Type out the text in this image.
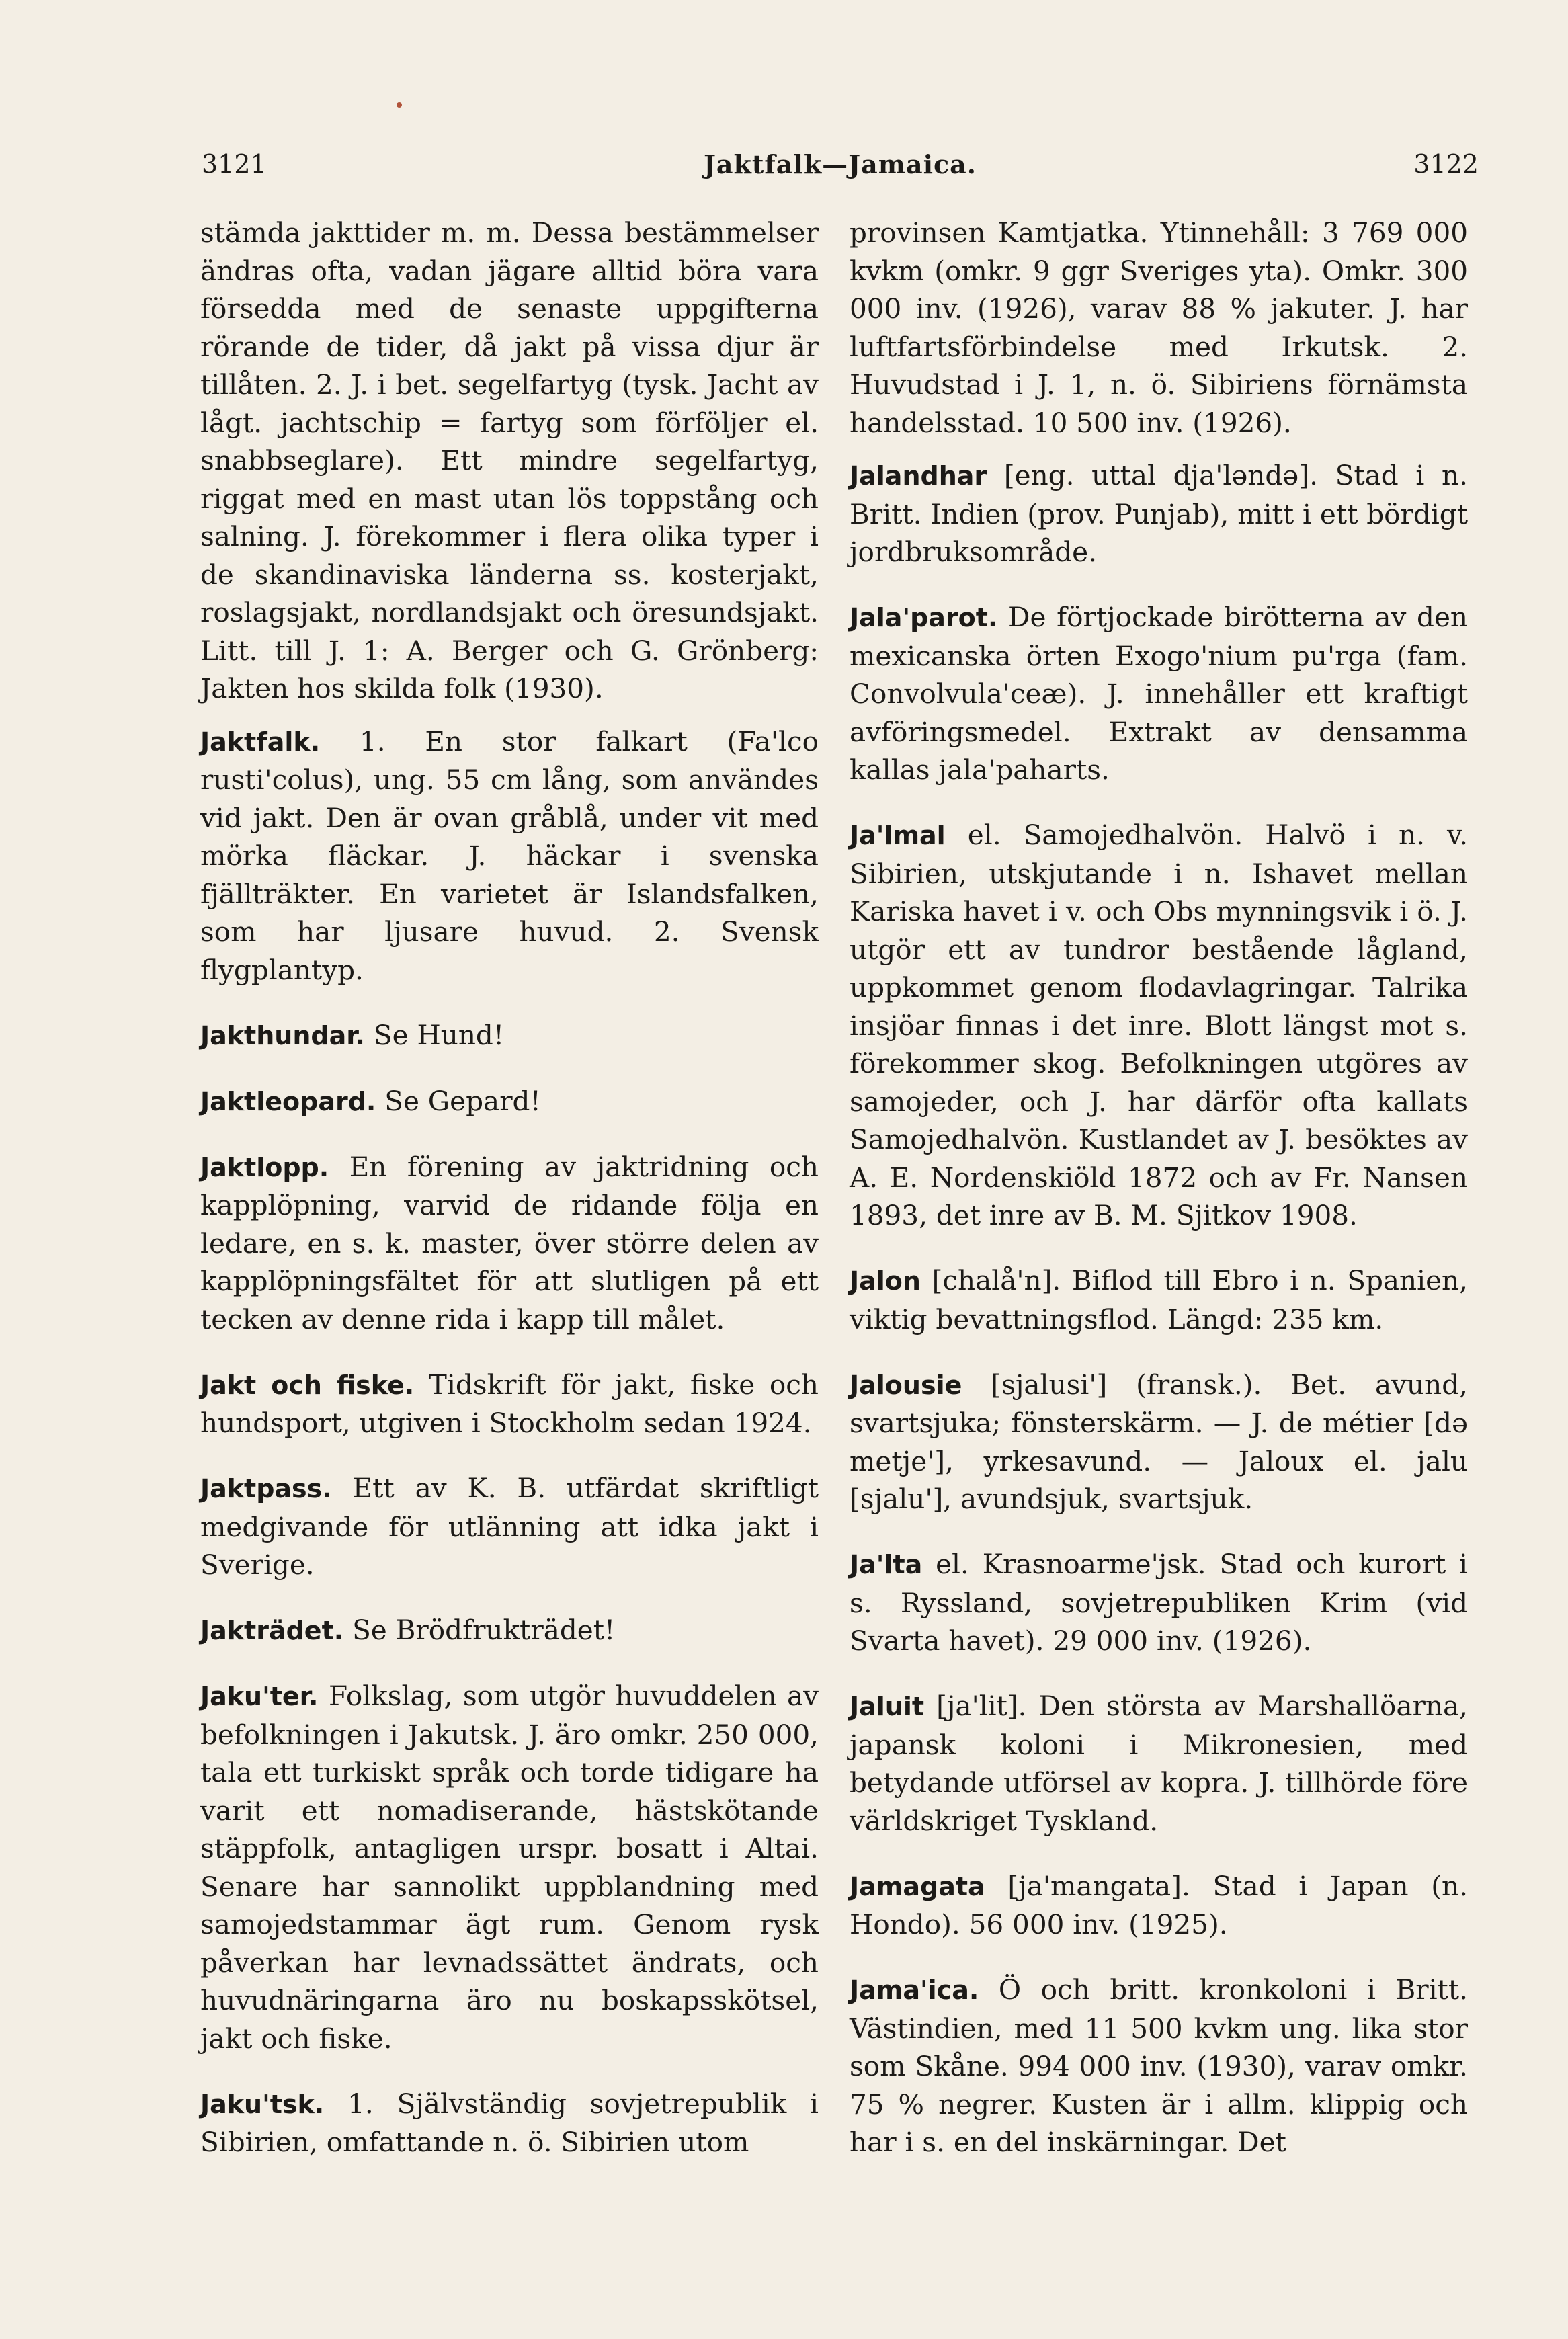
3121	Jaktfalk—Jamaica.	3122

stämda jakttider m. m. Dessa bestämmelser ändras ofta, vadan jägare alltid böra vara försedda med de senaste uppgifterna rörande de tider, då jakt på vissa djur är tillåten. 2. J. i bet. segelfartyg (tysk. Jacht av lågt. jachtschip = fartyg som förföljer el. snabbseglare). Ett mindre segelfartyg, riggat med en mast utan lös toppstång och salning. J. förekommer i flera olika typer i de skandinaviska länderna ss. kosterjakt, roslagsjakt, nordlandsjakt och öresundsjakt. Litt. till J. 1: A. Berger och G. Grönberg: Jakten hos skilda folk (1930).

Jaktfalk. 1. En stor falkart (Fa'lco rusti'colus), ung. 55 cm lång, som användes vid jakt. Den är ovan gråblå, under vit med mörka fläckar. J. häckar i svenska fjällträkter. En varietet är Islandsfalken, som har ljusare huvud. 2. Svensk flygplantyp.

Jakthundar. Se Hund!

Jaktleopard. Se Gepard!

Jaktlopp. En förening av jaktridning och kapplöpning, varvid de ridande följa en ledare, en s. k. master, över större delen av kapplöpningsfältet för att slutligen på ett tecken av denne rida i kapp till målet.

Jakt och fiske. Tidskrift för jakt, fiske och hundsport, utgiven i Stockholm sedan 1924.

Jaktpass. Ett av K. B. utfärdat skriftligt medgivande för utlänning att idka jakt i Sverige.

Jakträdet. Se Brödfrukträdet!

Jaku'ter. Folkslag, som utgör huvuddelen av befolkningen i Jakutsk. J. äro omkr. 250 000, tala ett turkiskt språk och torde tidigare ha varit ett nomadiserande, hästskötande stäppfolk, antagligen urspr. bosatt i Altai. Senare har sannolikt uppblandning med samojedstammar ägt rum. Genom rysk påverkan har levnadssättet ändrats, och huvudnäringarna äro nu boskapsskötsel, jakt och fiske.

Jaku'tsk. 1. Självständig sovjetrepublik i Sibirien, omfattande n. ö. Sibirien utom

provinsen Kamtjatka. Ytinnehåll: 3 769 000 kvkm (omkr. 9 ggr Sveriges yta). Omkr. 300 000 inv. (1926), varav 88 % jakuter. J. har luftfartsförbindelse med Irkutsk. 2. Huvudstad i J. 1, n. ö. Sibiriens förnämsta handelsstad. 10 500 inv. (1926).

Jalandhar [eng. uttal dja'ləndə]. Stad i n. Britt. Indien (prov. Punjab), mitt i ett bördigt jordbruksområde.

Jala'parot. De förtjockade birötterna av den mexicanska örten Exogo'nium pu'rga (fam. Convolvula'ceæ). J. innehåller ett kraftigt avföringsmedel. Extrakt av densamma kallas jala'paharts.

Ja'lmal el. Samojedhalvön. Halvö i n. v. Sibirien, utskjutande i n. Ishavet mellan Kariska havet i v. och Obs mynningsvik i ö. J. utgör ett av tundror bestående lågland, uppkommet genom flodavlagringar. Talrika insjöar finnas i det inre. Blott längst mot s. förekommer skog. Befolkningen utgöres av samojeder, och J. har därför ofta kallats Samojedhalvön. Kustlandet av J. besöktes av A. E. Nordenskiöld 1872 och av Fr. Nansen 1893, det inre av B. M. Sjitkov 1908.

Jalon [chalå'n]. Biflod till Ebro i n. Spanien, viktig bevattningsflod. Längd: 235 km.

Jalousie [sjalusi'] (fransk.). Bet. avund, svartsjuka; fönsterskärm. — J. de métier [də metje'], yrkesavund. — Jaloux el. jalu [sjalu'], avundsjuk, svartsjuk.

Ja'lta el. Krasnoarme'jsk. Stad och kurort i s. Ryssland, sovjetrepubliken Krim (vid Svarta havet). 29 000 inv. (1926).

Jaluit [ja'lit]. Den största av Marshallöarna, japansk koloni i Mikronesien, med betydande utförsel av kopra. J. tillhörde före världskriget Tyskland.

Jamagata [ja'mangata]. Stad i Japan (n. Hondo). 56 000 inv. (1925).

Jama'ica. Ö och britt. kronkoloni i Britt. Västindien, med 11 500 kvkm ung. lika stor som Skåne. 994 000 inv. (1930), varav omkr. 75 % negrer. Kusten är i allm. klippig och har i s. en del inskärningar. Det
